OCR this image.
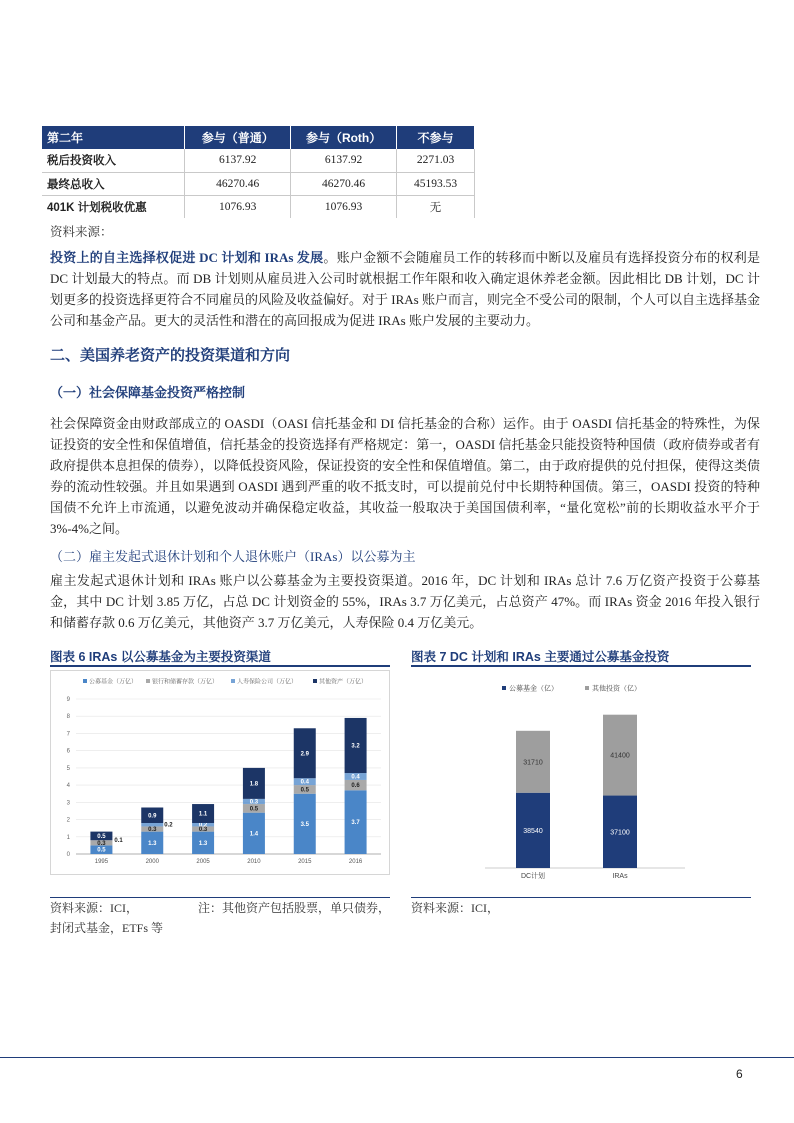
第二年	参与（普通）	参与（Roth）	不参与
税后投资收入	6137.92	6137.92	2271.03
最终总收入	46270.46	46270.46	45193.53
401K 计划税收优惠	1076.93	1076.93	无
资料来源：
投资上的自主选择权促进 DC 计划和 IRAs 发展。账户金额不会随雇员工作的转移而中断以及雇员有选择投资分布的权利是 DC 计划最大的特点。而 DB 计划则从雇员进入公司时就根据工作年限和收入确定退休养老金额。因此相比 DB 计划，DC 计划更多的投资选择更符合不同雇员的风险及收益偏好。对于 IRAs 账户而言，则完全不受公司的限制，个人可以自主选择基金公司和基金产品。更大的灵活性和潜在的高回报成为促进 IRAs 账户发展的主要动力。
二、美国养老资产的投资渠道和方向
（一）社会保障基金投资严格控制
社会保障资金由财政部成立的 OASDI（OASI 信托基金和 DI 信托基金的合称）运作。由于 OASDI 信托基金的特殊性，为保证投资的安全性和保值增值，信托基金的投资选择有严格规定：第一，OASDI 信托基金只能投资特种国债（政府债券或者有政府提供本息担保的债券），以降低投资风险，保证投资的安全性和保值增值。第二，由于政府提供的兑付担保，使得这类债券的流动性较强。并且如果遇到 OASDI 遇到严重的收不抵支时，可以提前兑付中长期特种国债。第三，OASDI 投资的特种国债不允许上市流通，以避免波动并确保稳定收益，其收益一般取决于美国国债利率，“量化宽松”前的长期收益水平介于 3%-4%之间。
（二）雇主发起式退休计划和个人退休账户（IRAs）以公募为主
雇主发起式退休计划和 IRAs 账户以公募基金为主要投资渠道。2016 年，DC 计划和 IRAs 总计 7.6 万亿资产投资于公募基金，其中 DC 计划 3.85 万亿，占总 DC 计划资金的 55%，IRAs 3.7 万亿美元，占总资产 47%。而 IRAs 资金 2016 年投入银行和储蓄存款 0.6 万亿美元，其他资产 3.7 万亿美元，人寿保险 0.4 万亿美元。
图表 6 IRAs 以公募基金为主要投资渠道
公募基金（万亿） 银行和储蓄存款（万亿）	人寿保险公司（万亿）	其他资产（万亿）
0
1
2
3
4
5
6
7
8
9
0.5
0.3 0.1
0.5
1995
1.3
0.3
0.2
0.9
2000
1.3
0.3
0.2
1.1
2005
1.4
0.5
0.3
1.8
2010
3.5
0.5
0.4
2.9
2015
3.7
0.6
0.4
3.2
2016
资料来源：ICI，                    注：其他资产包括股票，单只债券，
封闭式基金，ETFs 等
图表 7 DC 计划和 IRAs 主要通过公募基金投资
公募基金（亿）	其他投资（亿）
38540
31710
DC计划
37100
41400
IRAs
资料来源：ICI，
6
